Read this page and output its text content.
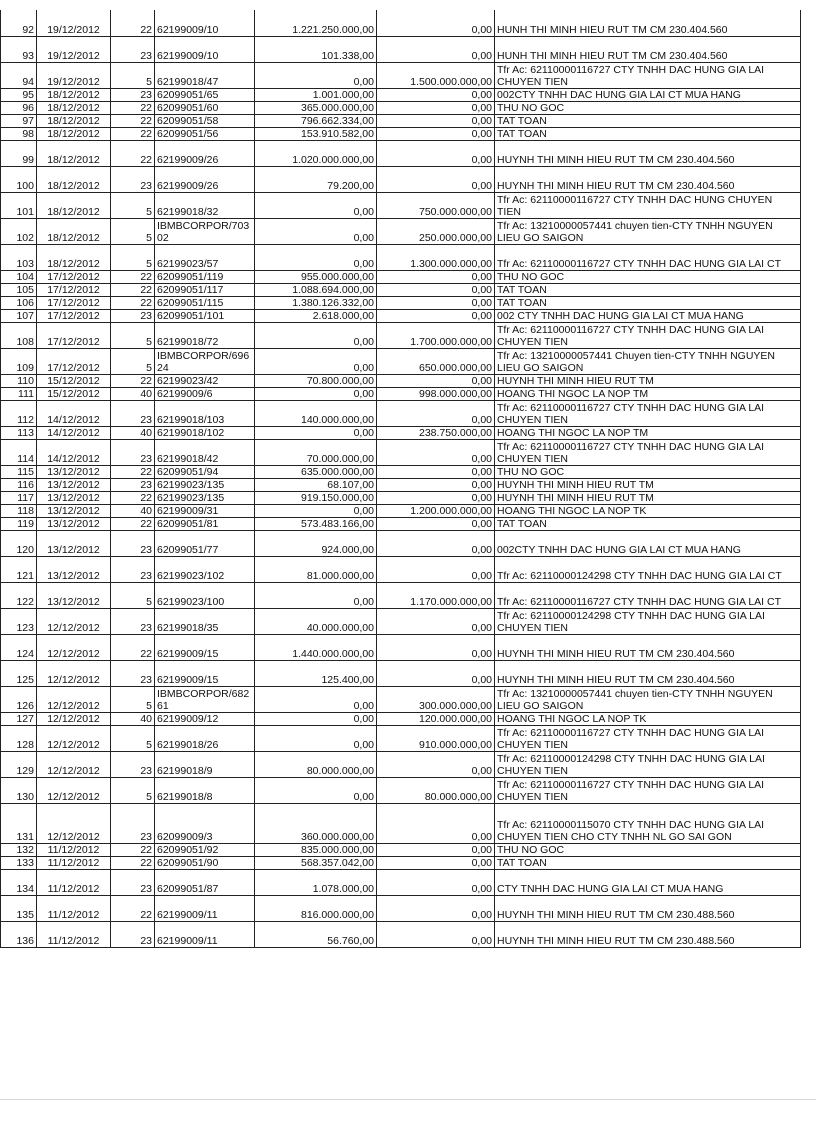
92	19/12/2012	22	62199009/10	1.221.250.000,00	0,00	HUNH THI MINH HIEU RUT TM CM 230.404.560
93	19/12/2012	23	62199009/10	101.338,00	0,00	HUNH THI MINH HIEU RUT TM CM 230.404.560
94	19/12/2012	5	62199018/47	0,00	1.500.000.000,00	Tfr Ac: 62110000116727 CTY TNHH DAC HUNG GIA LAI CHUYEN TIEN
95	18/12/2012	23	62099051/65	1.001.000,00	0,00	002CTY TNHH DAC HUNG GIA LAI CT MUA HANG
96	18/12/2012	22	62099051/60	365.000.000,00	0,00	THU NO GOC
97	18/12/2012	22	62099051/58	796.662.334,00	0,00	TAT TOAN
98	18/12/2012	22	62099051/56	153.910.582,00	0,00	TAT TOAN
99	18/12/2012	22	62199009/26	1.020.000.000,00	0,00	HUYNH THI MINH HIEU RUT TM CM 230.404.560
100	18/12/2012	23	62199009/26	79.200,00	0,00	HUYNH THI MINH HIEU RUT TM CM 230.404.560
101	18/12/2012	5	62199018/32	0,00	750.000.000,00	Tfr Ac: 62110000116727 CTY TNHH DAC HUNG CHUYEN TIEN
102	18/12/2012	5	IBMBCORPOR/70302	0,00	250.000.000,00	Tfr Ac: 13210000057441 chuyen tien-CTY TNHH NGUYEN LIEU GO SAIGON
103	18/12/2012	5	62199023/57	0,00	1.300.000.000,00	Tfr Ac: 62110000116727 CTY TNHH DAC HUNG GIA LAI CT
104	17/12/2012	22	62099051/119	955.000.000,00	0,00	THU NO GOC
105	17/12/2012	22	62099051/117	1.088.694.000,00	0,00	TAT TOAN
106	17/12/2012	22	62099051/115	1.380.126.332,00	0,00	TAT TOAN
107	17/12/2012	23	62099051/101	2.618.000,00	0,00	002 CTY TNHH DAC HUNG GIA LAI CT MUA HANG
108	17/12/2012	5	62199018/72	0,00	1.700.000.000,00	Tfr Ac: 62110000116727 CTY TNHH DAC HUNG GIA LAI CHUYEN TIEN
109	17/12/2012	5	IBMBCORPOR/69624	0,00	650.000.000,00	Tfr Ac: 13210000057441 Chuyen tien-CTY TNHH NGUYEN LIEU GO SAIGON
110	15/12/2012	22	62199023/42	70.800.000,00	0,00	HUYNH THI MINH HIEU RUT TM
111	15/12/2012	40	62199009/6	0,00	998.000.000,00	HOANG THI NGOC LA NOP TM
112	14/12/2012	23	62199018/103	140.000.000,00	0,00	Tfr Ac: 62110000116727 CTY TNHH DAC HUNG GIA LAI CHUYEN TIEN
113	14/12/2012	40	62199018/102	0,00	238.750.000,00	HOANG THI NGOC LA NOP TM
114	14/12/2012	23	62199018/42	70.000.000,00	0,00	Tfr Ac: 62110000116727 CTY TNHH DAC HUNG GIA LAI CHUYEN TIEN
115	13/12/2012	22	62099051/94	635.000.000,00	0,00	THU NO GOC
116	13/12/2012	23	62199023/135	68.107,00	0,00	HUYNH THI MINH HIEU RUT TM
117	13/12/2012	22	62199023/135	919.150.000,00	0,00	HUYNH THI MINH HIEU RUT TM
118	13/12/2012	40	62199009/31	0,00	1.200.000.000,00	HOANG THI NGOC LA NOP TK
119	13/12/2012	22	62099051/81	573.483.166,00	0,00	TAT TOAN
120	13/12/2012	23	62099051/77	924.000,00	0,00	002CTY TNHH DAC HUNG GIA LAI CT MUA HANG
121	13/12/2012	23	62199023/102	81.000.000,00	0,00	Tfr Ac: 62110000124298 CTY TNHH DAC HUNG GIA LAI CT
122	13/12/2012	5	62199023/100	0,00	1.170.000.000,00	Tfr Ac: 62110000116727 CTY TNHH DAC HUNG GIA LAI CT
123	12/12/2012	23	62199018/35	40.000.000,00	0,00	Tfr Ac: 62110000124298 CTY TNHH DAC HUNG GIA LAI CHUYEN TIEN
124	12/12/2012	22	62199009/15	1.440.000.000,00	0,00	HUYNH THI MINH HIEU RUT TM CM 230.404.560
125	12/12/2012	23	62199009/15	125.400,00	0,00	HUYNH THI MINH HIEU RUT TM CM 230.404.560
126	12/12/2012	5	IBMBCORPOR/68261	0,00	300.000.000,00	Tfr Ac: 13210000057441 chuyen tien-CTY TNHH NGUYEN LIEU GO SAIGON
127	12/12/2012	40	62199009/12	0,00	120.000.000,00	HOANG THI NGOC LA NOP TK
128	12/12/2012	5	62199018/26	0,00	910.000.000,00	Tfr Ac: 62110000116727 CTY TNHH DAC HUNG GIA LAI CHUYEN TIEN
129	12/12/2012	23	62199018/9	80.000.000,00	0,00	Tfr Ac: 62110000124298 CTY TNHH DAC HUNG GIA LAI CHUYEN TIEN
130	12/12/2012	5	62199018/8	0,00	80.000.000,00	Tfr Ac: 62110000116727 CTY TNHH DAC HUNG GIA LAI CHUYEN TIEN
131	12/12/2012	23	62099009/3	360.000.000,00	0,00	Tfr Ac: 62110000115070 CTY TNHH DAC HUNG GIA LAI CHUYEN TIEN CHO CTY TNHH NL GO SAI GON
132	11/12/2012	22	62099051/92	835.000.000,00	0,00	THU NO GOC
133	11/12/2012	22	62099051/90	568.357.042,00	0,00	TAT TOAN
134	11/12/2012	23	62099051/87	1.078.000,00	0,00	CTY TNHH DAC HUNG GIA LAI CT MUA HANG
135	11/12/2012	22	62199009/11	816.000.000,00	0,00	HUYNH THI MINH HIEU RUT TM CM 230.488.560
136	11/12/2012	23	62199009/11	56.760,00	0,00	HUYNH THI MINH HIEU RUT TM CM 230.488.560
